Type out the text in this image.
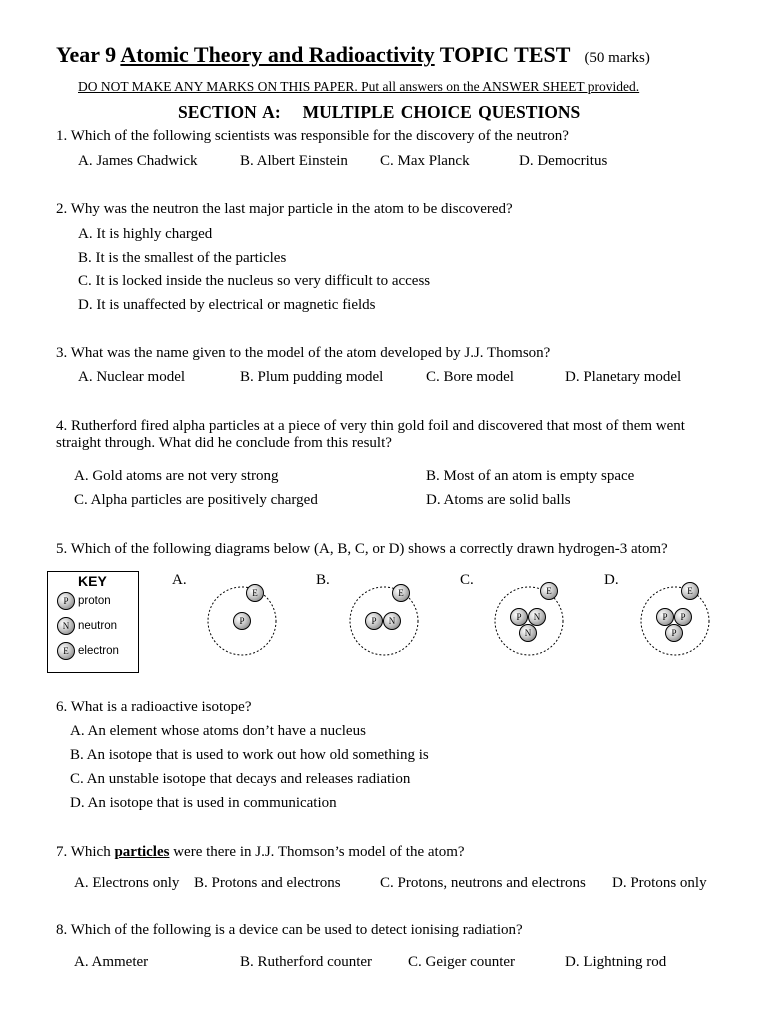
Year 9 Atomic Theory and Radioactivity TOPIC TEST (50 marks)
DO NOT MAKE ANY MARKS ON THIS PAPER. Put all answers on the ANSWER SHEET provided.
SECTION A: MULTIPLE CHOICE QUESTIONS
1. Which of the following scientists was responsible for the discovery of the neutron?
A. James Chadwick	B. Albert Einstein C. Max Planck	D. Democritus
2. Why was the neutron the last major particle in the atom to be discovered?
A. It is highly charged
B. It is the smallest of the particles
C. It is locked inside the nucleus so very difficult to access
D. It is unaffected by electrical or magnetic fields
3. What was the name given to the model of the atom developed by J.J. Thomson?
A. Nuclear model	B. Plum pudding model	C. Bore model	D. Planetary model
4. Rutherford fired alpha particles at a piece of very thin gold foil and discovered that most of them went
straight through. What did he conclude from this result?
A. Gold atoms are not very strong	B. Most of an atom is empty space
C. Alpha particles are positively charged	D. Atoms are solid balls
5. Which of the following diagrams below (A, B, C, or D) shows a correctly drawn hydrogen-3 atom?
KEY
P proton
N neutron
E electron
A.	B.	C.	D.
E
P
E
P	N
E
P	N
N
E
P	P
P
6. What is a radioactive isotope?
A. An element whose atoms don’t have a nucleus
B. An isotope that is used to work out how old something is
C. An unstable isotope that decays and releases radiation
D. An isotope that is used in communication
7. Which particles were there in J.J. Thomson’s model of the atom?
A. Electrons only B. Protons and electrons	C. Protons, neutrons and electrons D. Protons only
8. Which of the following is a device can be used to detect ionising radiation?
A. Ammeter	B. Rutherford counter C. Geiger counter	D. Lightning rod
